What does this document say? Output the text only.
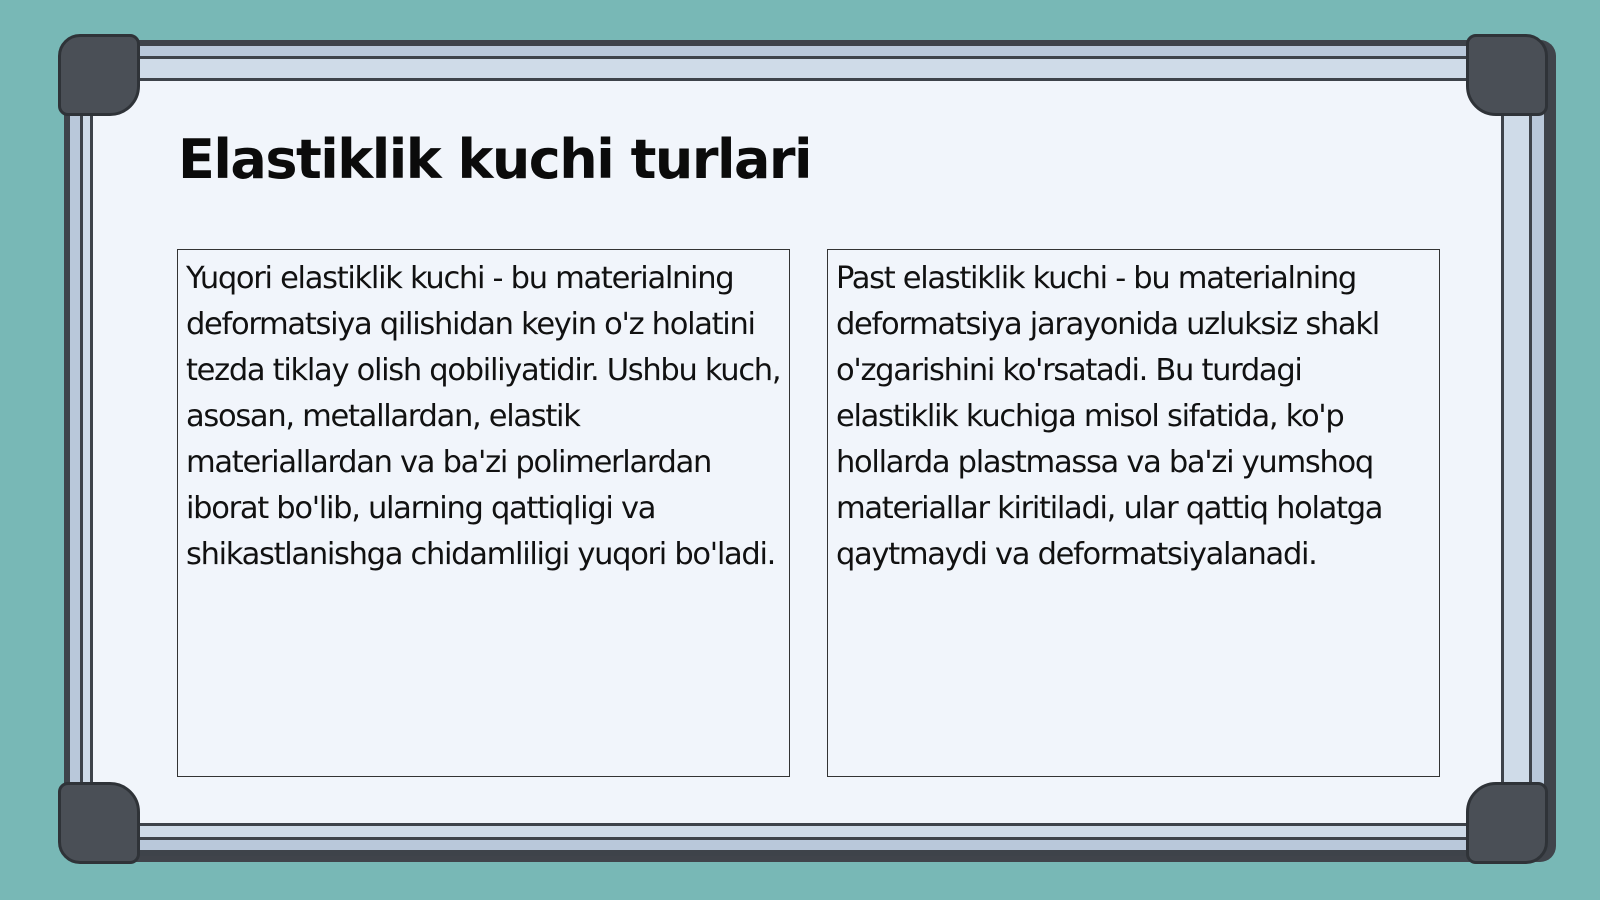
Elastiklik kuchi turlari
Yuqori elastiklik kuchi - bu materialning deformatsiya qilishidan keyin o'z holatini tezda tiklay olish qobiliyatidir. Ushbu kuch, asosan, metallardan, elastik materiallardan va ba'zi polimerlardan iborat bo'lib, ularning qattiqligi va shikastlanishga chidamliligi yuqori bo'ladi.
Past elastiklik kuchi - bu materialning deformatsiya jarayonida uzluksiz shakl o'zgarishini ko'rsatadi. Bu turdagi elastiklik kuchiga misol sifatida, ko'p hollarda plastmassa va ba'zi yumshoq materiallar kiritiladi, ular qattiq holatga qaytmaydi va deformatsiyalanadi.
